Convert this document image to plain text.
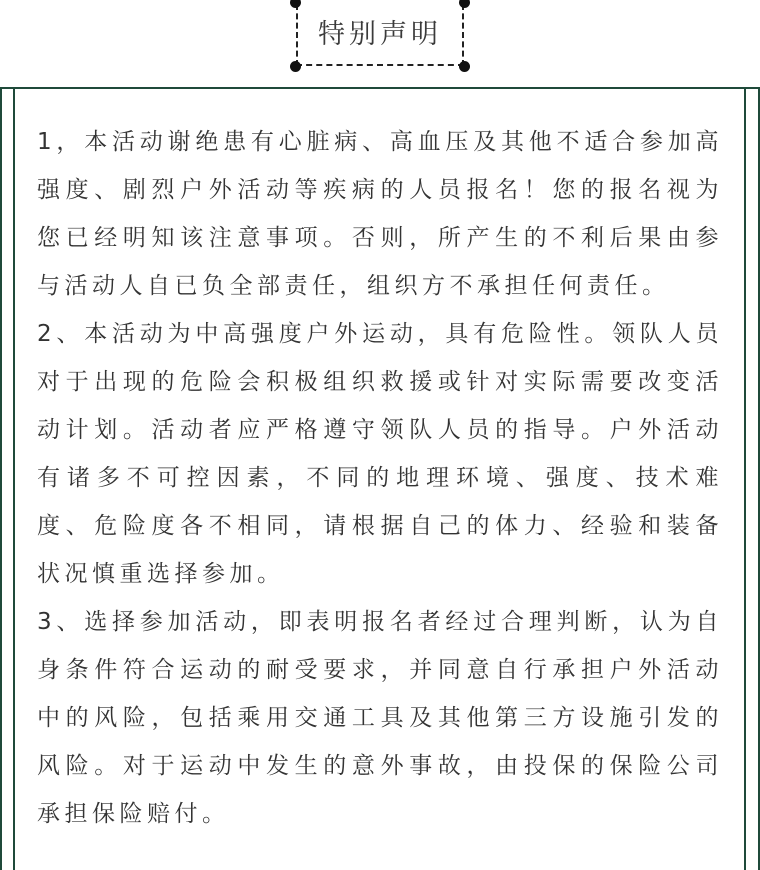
特别声明

1，本活动谢绝患有心脏病、高血压及其他不适合参加高强度、剧烈户外活动等疾病的人员报名！您的报名视为您已经明知该注意事项。否则，所产生的不利后果由参与活动人自已负全部责任，组织方不承担任何责任。

2、本活动为中高强度户外运动，具有危险性。领队人员对于出现的危险会积极组织救援或针对实际需要改变活动计划。活动者应严格遵守领队人员的指导。户外活动有诸多不可控因素，不同的地理环境、强度、技术难度、危险度各不相同，请根据自己的体力、经验和装备状况慎重选择参加。

3、选择参加活动，即表明报名者经过合理判断，认为自身条件符合运动的耐受要求，并同意自行承担户外活动中的风险，包括乘用交通工具及其他第三方设施引发的风险。对于运动中发生的意外事故，由投保的保险公司承担保险赔付。
